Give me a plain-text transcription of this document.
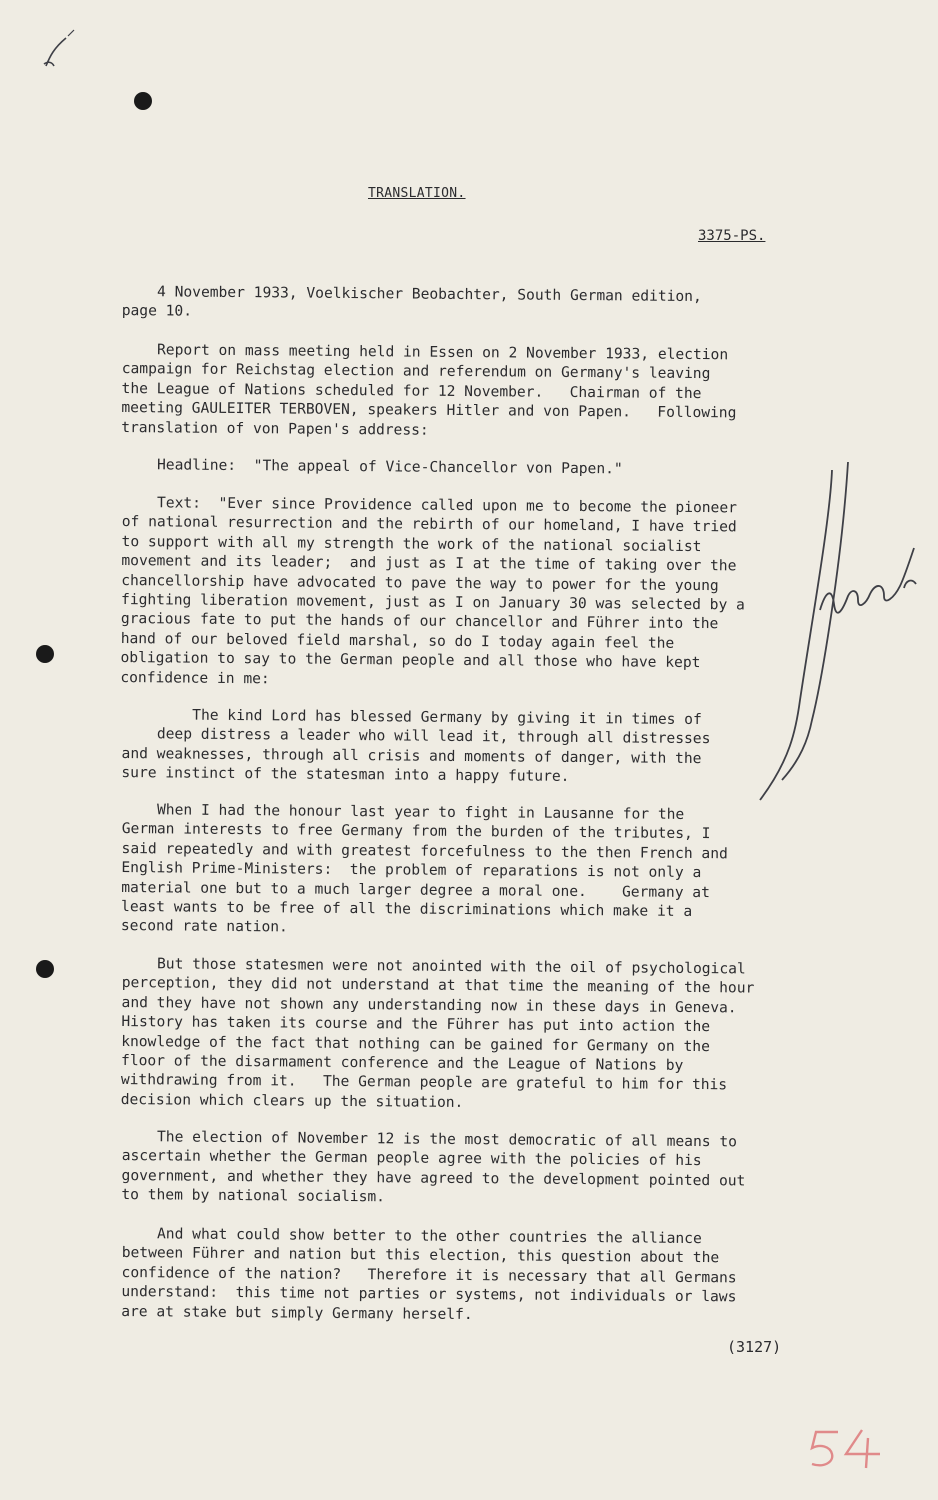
TRANSLATION.
3375-PS.
4 November 1933, Voelkischer Beobachter, South German edition,
page 10.
Report on mass meeting held in Essen on 2 November 1933, election
campaign for Reichstag election and referendum on Germany's leaving
the League of Nations scheduled for 12 November.   Chairman of the
meeting GAULEITER TERBOVEN, speakers Hitler and von Papen.   Following
translation of von Papen's address:
Headline:  "The appeal of Vice-Chancellor von Papen."
Text:  "Ever since Providence called upon me to become the pioneer
of national resurrection and the rebirth of our homeland, I have tried
to support with all my strength the work of the national socialist
movement and its leader;  and just as I at the time of taking over the
chancellorship have advocated to pave the way to power for the young
fighting liberation movement, just as I on January 30 was selected by a
gracious fate to put the hands of our chancellor and Führer into the
hand of our beloved field marshal, so do I today again feel the
obligation to say to the German people and all those who have kept
confidence in me:
The kind Lord has blessed Germany by giving it in times of
deep distress a leader who will lead it, through all distresses
and weaknesses, through all crisis and moments of danger, with the
sure instinct of the statesman into a happy future.
When I had the honour last year to fight in Lausanne for the
German interests to free Germany from the burden of the tributes, I
said repeatedly and with greatest forcefulness to the then French and
English Prime-Ministers:  the problem of reparations is not only a
material one but to a much larger degree a moral one.    Germany at
least wants to be free of all the discriminations which make it a
second rate nation.
But those statesmen were not anointed with the oil of psychological
perception, they did not understand at that time the meaning of the hour
and they have not shown any understanding now in these days in Geneva.
History has taken its course and the Führer has put into action the
knowledge of the fact that nothing can be gained for Germany on the
floor of the disarmament conference and the League of Nations by
withdrawing from it.   The German people are grateful to him for this
decision which clears up the situation.
The election of November 12 is the most democratic of all means to
ascertain whether the German people agree with the policies of his
government, and whether they have agreed to the development pointed out
to them by national socialism.
And what could show better to the other countries the alliance
between Führer and nation but this election, this question about the
confidence of the nation?   Therefore it is necessary that all Germans
understand:  this time not parties or systems, not individuals or laws
are at stake but simply Germany herself.
(3127)
